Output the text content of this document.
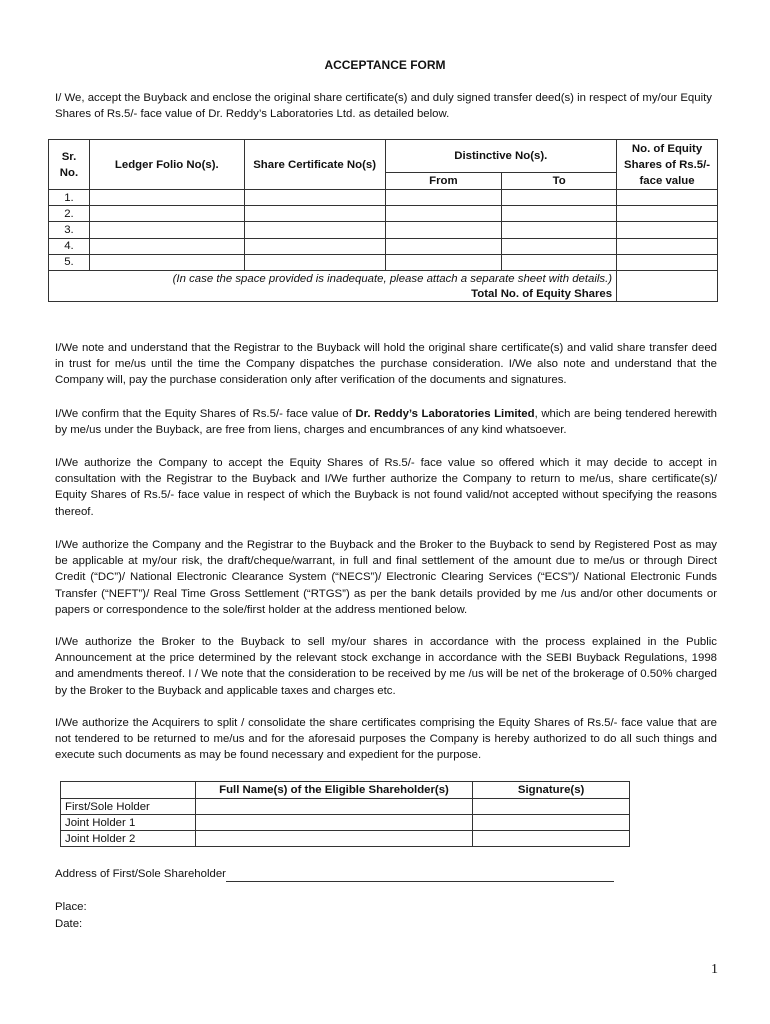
ACCEPTANCE FORM
I/ We, accept the Buyback and enclose the original share certificate(s) and duly signed transfer deed(s) in respect of my/our Equity Shares of Rs.5/- face value of Dr. Reddy’s Laboratories Ltd. as detailed below.
Sr. No.	Ledger Folio No(s).	Share Certificate No(s)	Distinctive No(s).		No. of Equity Shares of Rs.5/- face value
			From	To	
1.					
2.					
3.					
4.					
5.					
(In case the space provided is inadequate, please attach a separate sheet with details.)					
Total No. of Equity Shares					
I/We note and understand that the Registrar to the Buyback will hold the original share certificate(s) and valid share transfer deed in trust for me/us until the time the Company dispatches the purchase consideration. I/We also note and understand that the Company will, pay the purchase consideration only after verification of the documents and signatures.
I/We confirm that the Equity Shares of Rs.5/- face value of Dr. Reddy’s Laboratories Limited, which are being tendered herewith by me/us under the Buyback, are free from liens, charges and encumbrances of any kind whatsoever.
I/We authorize the Company to accept the Equity Shares of Rs.5/- face value so offered which it may decide to accept in consultation with the Registrar to the Buyback and I/We further authorize the Company to return to me/us, share certificate(s)/ Equity Shares of Rs.5/- face value in respect of which the Buyback is not found valid/not accepted without specifying the reasons thereof.
I/We authorize the Company and the Registrar to the Buyback and the Broker to the Buyback to send by Registered Post as may be applicable at my/our risk, the draft/cheque/warrant, in full and final settlement of the amount due to me/us or through Direct Credit (“DC”)/ National Electronic Clearance System (“NECS”)/ Electronic Clearing Services (“ECS”)/ National Electronic Funds Transfer (“NEFT”)/ Real Time Gross Settlement (“RTGS”) as per the bank details provided by me /us and/or other documents or papers or correspondence to the sole/first holder at the address mentioned below.
I/We authorize the Broker to the Buyback to sell my/our shares in accordance with the process explained in the Public Announcement at the price determined by the relevant stock exchange in accordance with the SEBI Buyback Regulations, 1998 and amendments thereof. I / We note that the consideration to be received by me /us will be net of the brokerage of 0.50% charged by the Broker to the Buyback and applicable taxes and charges etc.
I/We authorize the Acquirers to split / consolidate the share certificates comprising the Equity Shares of Rs.5/- face value that are not tendered to be returned to me/us and for the aforesaid purposes the Company is hereby authorized to do all such things and execute such documents as may be found necessary and expedient for the purpose.
	Full Name(s) of the Eligible Shareholder(s)	Signature(s)
First/Sole Holder		
Joint Holder 1		
Joint Holder 2		
Address of First/Sole Shareholder
Place:
Date:
1
